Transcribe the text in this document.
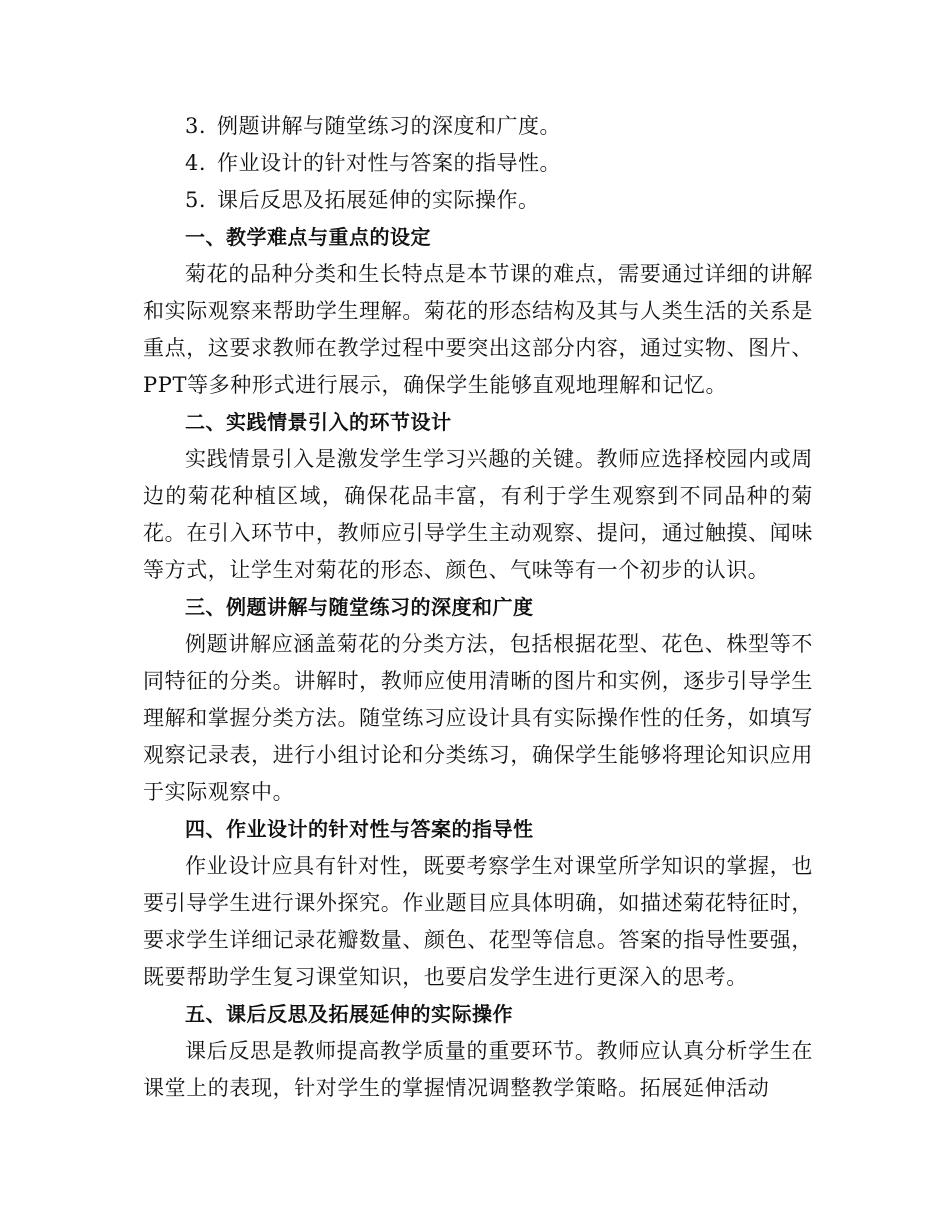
3. 例题讲解与随堂练习的深度和广度。
4. 作业设计的针对性与答案的指导性。
5. 课后反思及拓展延伸的实际操作。
一、教学难点与重点的设定

菊花的品种分类和生长特点是本节课的难点，需要通过详细的讲解和实际观察来帮助学生理解。菊花的形态结构及其与人类生活的关系是重点，这要求教师在教学过程中要突出这部分内容，通过实物、图片、PPT等多种形式进行展示，确保学生能够直观地理解和记忆。

二、实践情景引入的环节设计

实践情景引入是激发学生学习兴趣的关键。教师应选择校园内或周边的菊花种植区域，确保花品丰富，有利于学生观察到不同品种的菊花。在引入环节中，教师应引导学生主动观察、提问，通过触摸、闻味等方式，让学生对菊花的形态、颜色、气味等有一个初步的认识。

三、例题讲解与随堂练习的深度和广度

例题讲解应涵盖菊花的分类方法，包括根据花型、花色、株型等不同特征的分类。讲解时，教师应使用清晰的图片和实例，逐步引导学生理解和掌握分类方法。随堂练习应设计具有实际操作性的任务，如填写观察记录表，进行小组讨论和分类练习，确保学生能够将理论知识应用于实际观察中。

四、作业设计的针对性与答案的指导性

作业设计应具有针对性，既要考察学生对课堂所学知识的掌握，也要引导学生进行课外探究。作业题目应具体明确，如描述菊花特征时，要求学生详细记录花瓣数量、颜色、花型等信息。答案的指导性要强，既要帮助学生复习课堂知识，也要启发学生进行更深入的思考。

五、课后反思及拓展延伸的实际操作

课后反思是教师提高教学质量的重要环节。教师应认真分析学生在课堂上的表现，针对学生的掌握情况调整教学策略。拓展延伸活动
